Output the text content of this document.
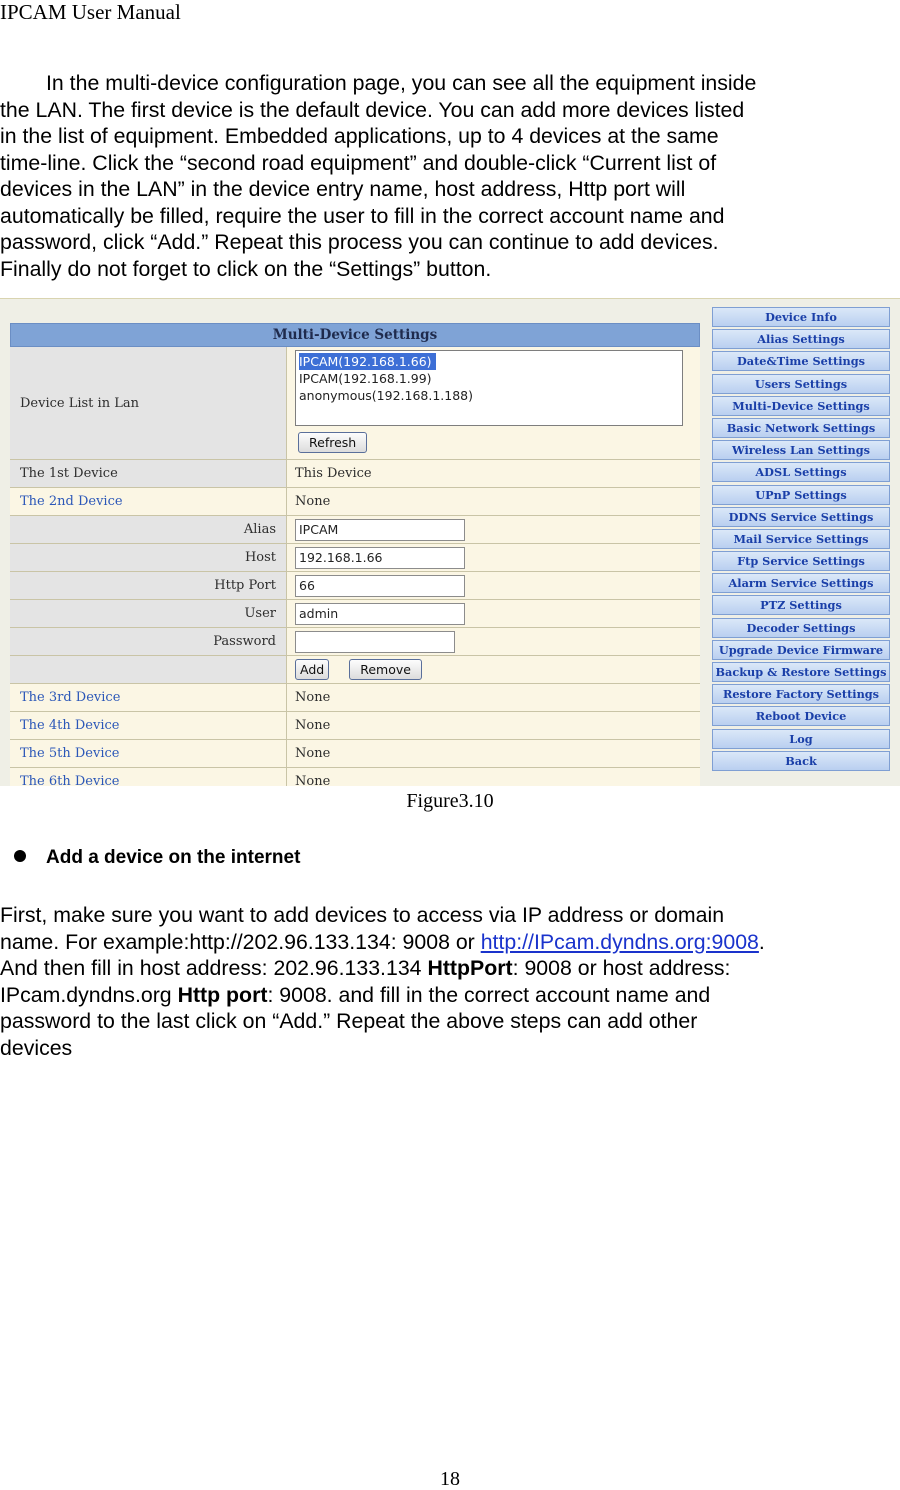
IPCAM User Manual

In the multi-device configuration page, you can see all the equipment inside

the LAN. The first device is the default device. You can add more devices listed

in the list of equipment. Embedded applications, up to 4 devices at the same

time-line. Click the “second road equipment” and double-click “Current list of

devices in the LAN” in the device entry name, host address, Http port will

automatically be filled, require the user to fill in the correct account name and

password, click “Add.” Repeat this process you can continue to add devices.

Finally do not forget to click on the “Settings” button.

Multi-Device Settings
Device List in Lan
IPCAM(192.168.1.66)
IPCAM(192.168.1.99)
anonymous(192.168.1.188)
Refresh
The 1st Device	This Device
The 2nd Device	None
Alias	IPCAM
Host	192.168.1.66
Http Port	66
User	admin
Password
Add	Remove
The 3rd Device	None
The 4th Device	None
The 5th Device	None
The 6th Device	None
Device Info
Alias Settings
Date&Time Settings
Users Settings
Multi-Device Settings
Basic Network Settings
Wireless Lan Settings
ADSL Settings
UPnP Settings
DDNS Service Settings
Mail Service Settings
Ftp Service Settings
Alarm Service Settings
PTZ Settings
Decoder Settings
Upgrade Device Firmware
Backup & Restore Settings
Restore Factory Settings
Reboot Device
Log
Back
Figure3.10
Add a device on the internet

First, make sure you want to add devices to access via IP address or domain

name. For example:http://202.96.133.134: 9008 or http://IPcam.dyndns.org:9008.

And then fill in host address: 202.96.133.134 HttpPort: 9008 or host address:

IPcam.dyndns.org Http port: 9008. and fill in the correct account name and

password to the last click on “Add.” Repeat the above steps can add other

devices

18
